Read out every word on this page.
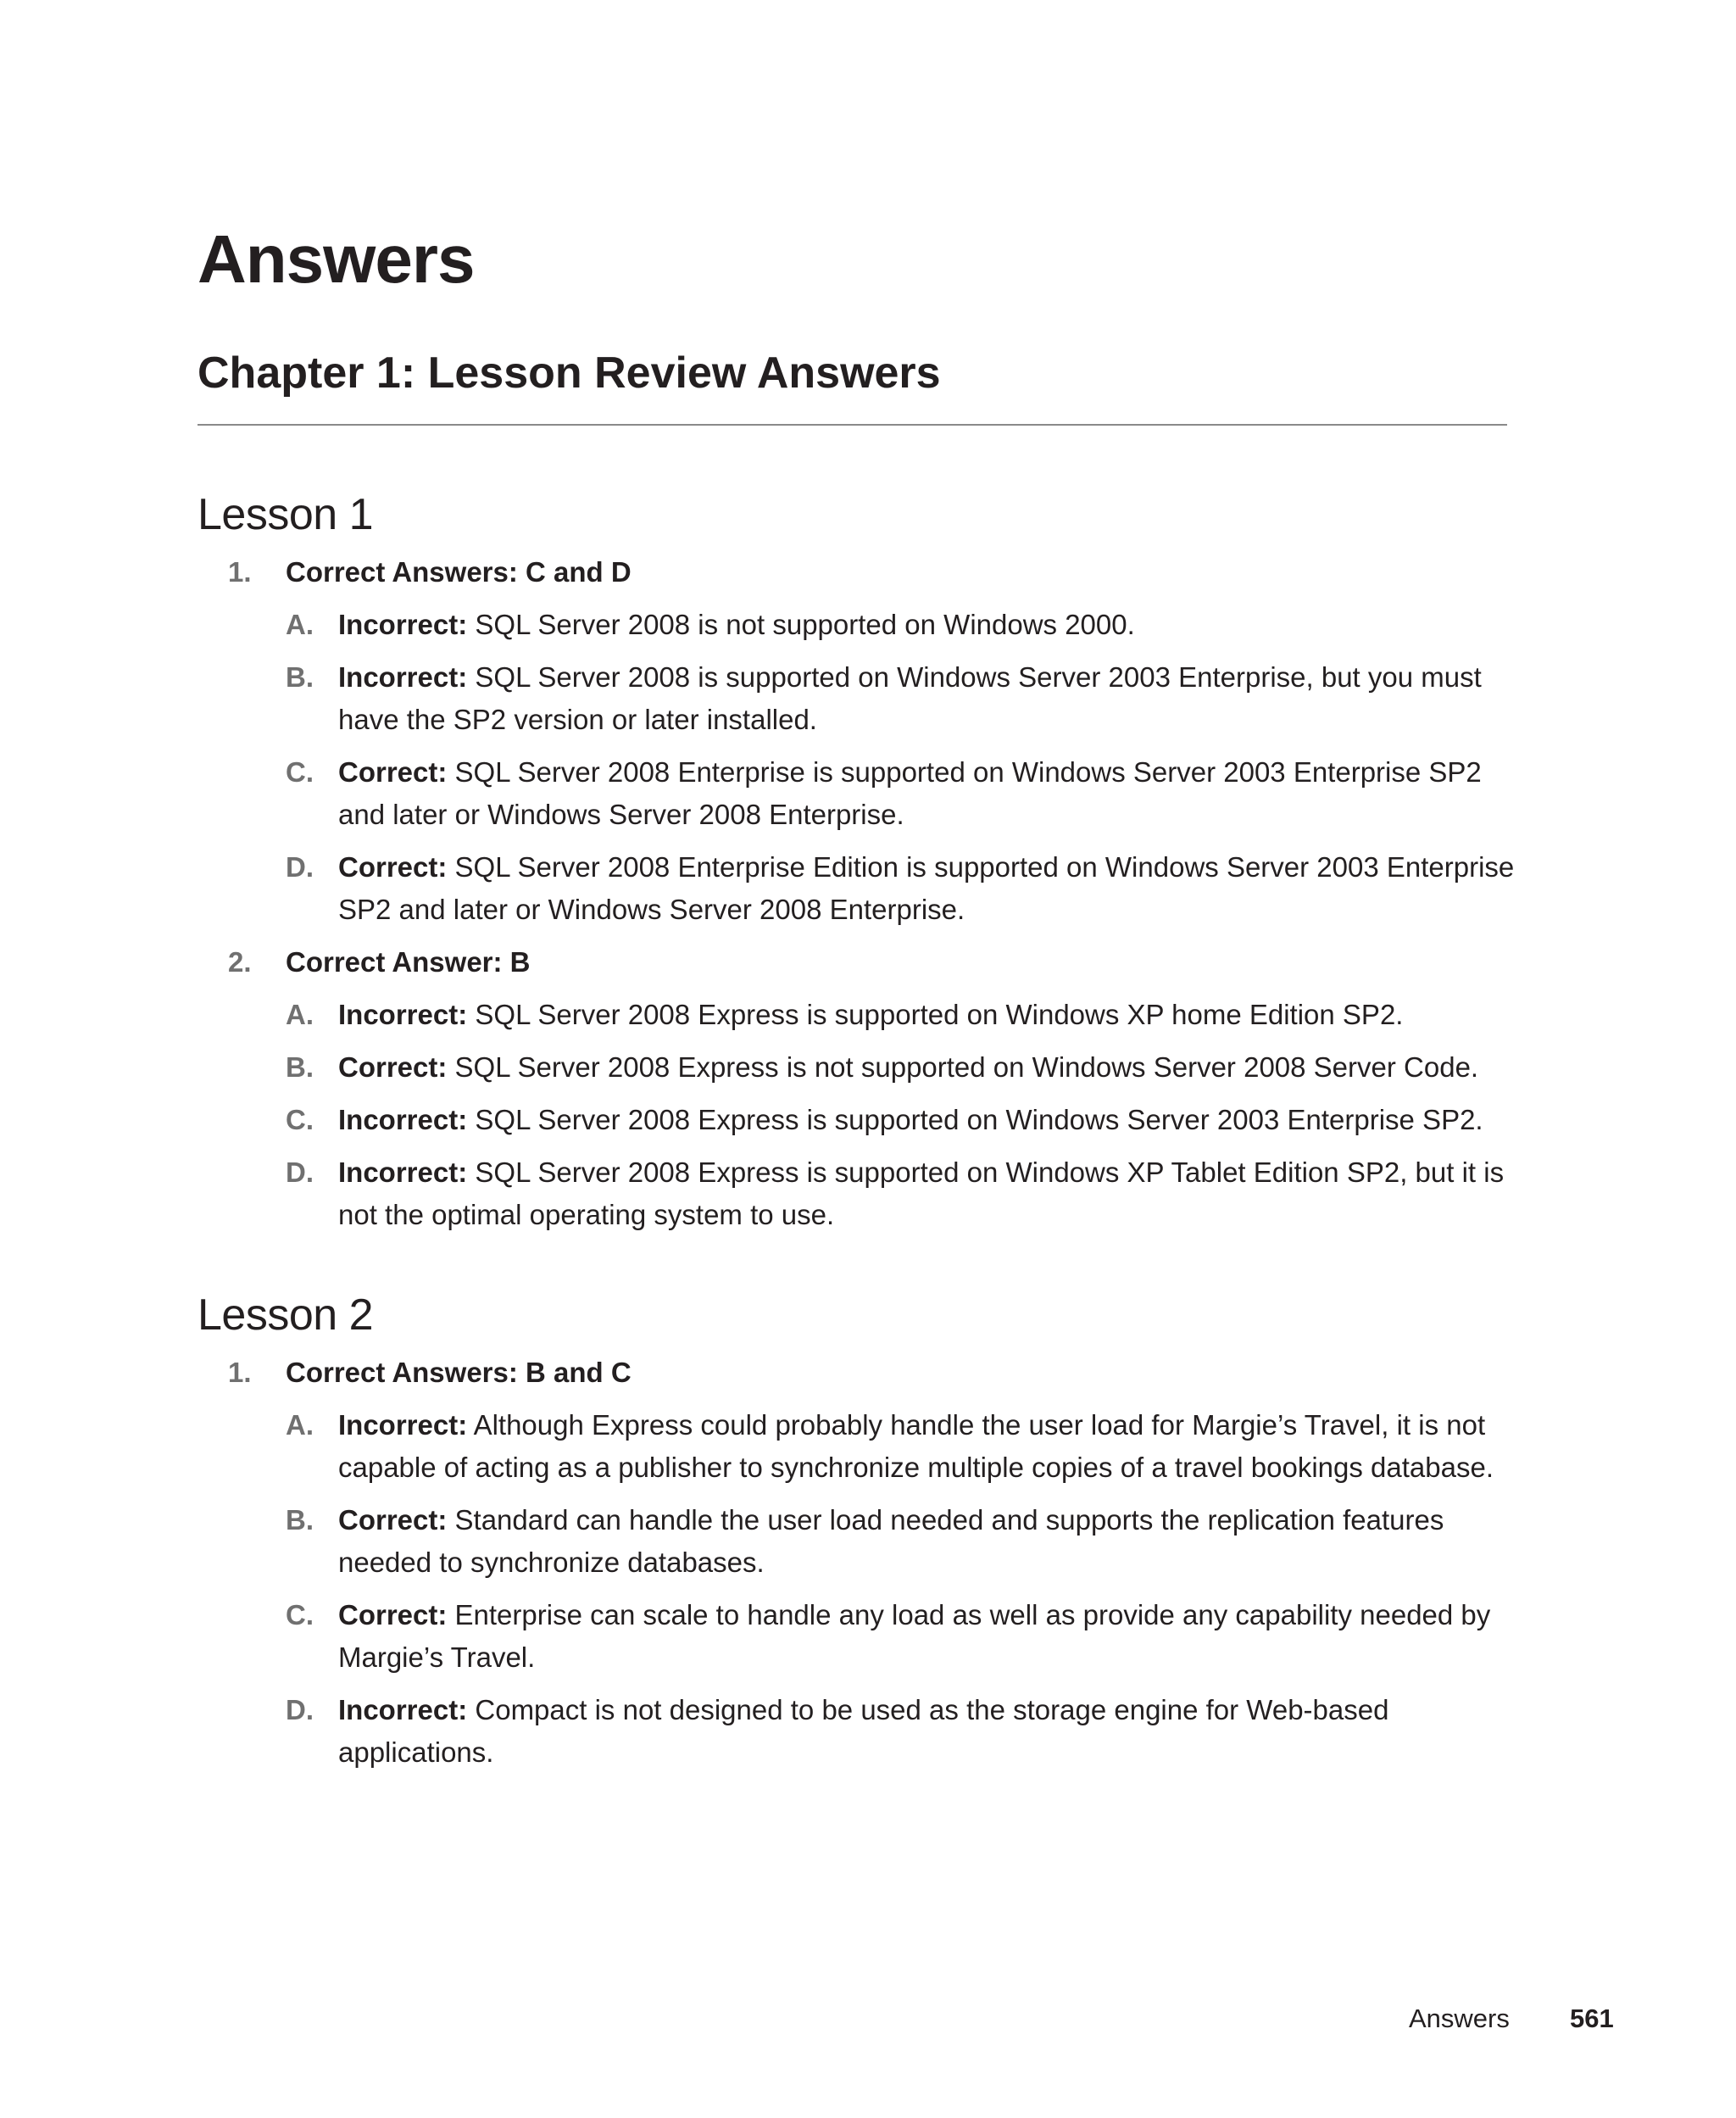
Answers
Chapter 1: Lesson Review Answers
Lesson 1
1. Correct Answers: C and D
A. Incorrect: SQL Server 2008 is not supported on Windows 2000.
B. Incorrect: SQL Server 2008 is supported on Windows Server 2003 Enterprise, but you must have the SP2 version or later installed.
C. Correct: SQL Server 2008 Enterprise is supported on Windows Server 2003 Enterprise SP2 and later or Windows Server 2008 Enterprise.
D. Correct: SQL Server 2008 Enterprise Edition is supported on Windows Server 2003 Enterprise SP2 and later or Windows Server 2008 Enterprise.
2. Correct Answer: B
A. Incorrect: SQL Server 2008 Express is supported on Windows XP home Edition SP2.
B. Correct: SQL Server 2008 Express is not supported on Windows Server 2008 Server Code.
C. Incorrect: SQL Server 2008 Express is supported on Windows Server 2003 Enterprise SP2.
D. Incorrect: SQL Server 2008 Express is supported on Windows XP Tablet Edition SP2, but it is not the optimal operating system to use.
Lesson 2
1. Correct Answers: B and C
A. Incorrect: Although Express could probably handle the user load for Margie’s Travel, it is not capable of acting as a publisher to synchronize multiple copies of a travel bookings database.
B. Correct: Standard can handle the user load needed and supports the replication features needed to synchronize databases.
C. Correct: Enterprise can scale to handle any load as well as provide any capability needed by Margie’s Travel.
D. Incorrect: Compact is not designed to be used as the storage engine for Web-based applications.
Answers 561
